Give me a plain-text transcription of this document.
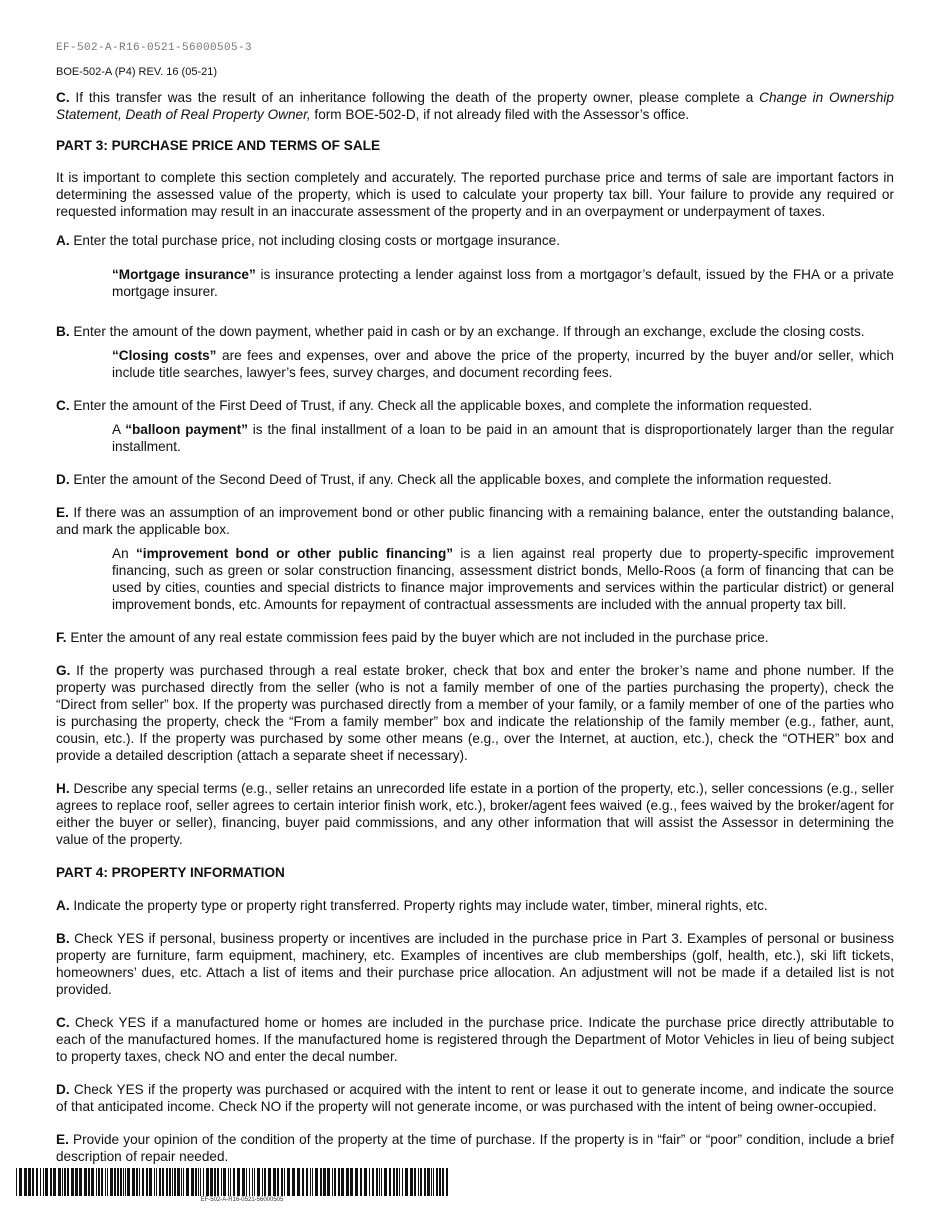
EF-502-A-R16-0521-56000505-3
BOE-502-A (P4) REV. 16 (05-21)

C. If this transfer was the result of an inheritance following the death of the property owner, please complete a Change in Ownership Statement, Death of Real Property Owner, form BOE-502-D, if not already filed with the Assessor’s office.

PART 3: PURCHASE PRICE AND TERMS OF SALE

It is important to complete this section completely and accurately. The reported purchase price and terms of sale are important factors in determining the assessed value of the property, which is used to calculate your property tax bill. Your failure to provide any required or requested information may result in an inaccurate assessment of the property and in an overpayment or underpayment of taxes.

A. Enter the total purchase price, not including closing costs or mortgage insurance.

“Mortgage insurance” is insurance protecting a lender against loss from a mortgagor’s default, issued by the FHA or a private mortgage insurer.

B. Enter the amount of the down payment, whether paid in cash or by an exchange. If through an exchange, exclude the closing costs.

“Closing costs” are fees and expenses, over and above the price of the property, incurred by the buyer and/or seller, which include title searches, lawyer’s fees, survey charges, and document recording fees.

C. Enter the amount of the First Deed of Trust, if any. Check all the applicable boxes, and complete the information requested.

A “balloon payment” is the final installment of a loan to be paid in an amount that is disproportionately larger than the regular installment.

D. Enter the amount of the Second Deed of Trust, if any. Check all the applicable boxes, and complete the information requested.

E. If there was an assumption of an improvement bond or other public financing with a remaining balance, enter the outstanding balance, and mark the applicable box.

An “improvement bond or other public financing” is a lien against real property due to property-specific improvement financing, such as green or solar construction financing, assessment district bonds, Mello-Roos (a form of financing that can be used by cities, counties and special districts to finance major improvements and services within the particular district) or general improvement bonds, etc. Amounts for repayment of contractual assessments are included with the annual property tax bill.

F. Enter the amount of any real estate commission fees paid by the buyer which are not included in the purchase price.

G. If the property was purchased through a real estate broker, check that box and enter the broker’s name and phone number. If the property was purchased directly from the seller (who is not a family member of one of the parties purchasing the property), check the “Direct from seller” box. If the property was purchased directly from a member of your family, or a family member of one of the parties who is purchasing the property, check the “From a family member” box and indicate the relationship of the family member (e.g., father, aunt, cousin, etc.). If the property was purchased by some other means (e.g., over the Internet, at auction, etc.), check the “OTHER” box and provide a detailed description (attach a separate sheet if necessary).

H. Describe any special terms (e.g., seller retains an unrecorded life estate in a portion of the property, etc.), seller concessions (e.g., seller agrees to replace roof, seller agrees to certain interior finish work, etc.), broker/agent fees waived (e.g., fees waived by the broker/agent for either the buyer or seller), financing, buyer paid commissions, and any other information that will assist the Assessor in determining the value of the property.

PART 4: PROPERTY INFORMATION

A. Indicate the property type or property right transferred. Property rights may include water, timber, mineral rights, etc.

B. Check YES if personal, business property or incentives are included in the purchase price in Part 3. Examples of personal or business property are furniture, farm equipment, machinery, etc. Examples of incentives are club memberships (golf, health, etc.), ski lift tickets, homeowners’ dues, etc. Attach a list of items and their purchase price allocation. An adjustment will not be made if a detailed list is not provided.

C. Check YES if a manufactured home or homes are included in the purchase price. Indicate the purchase price directly attributable to each of the manufactured homes. If the manufactured home is registered through the Department of Motor Vehicles in lieu of being subject to property taxes, check NO and enter the decal number.

D. Check YES if the property was purchased or acquired with the intent to rent or lease it out to generate income, and indicate the source of that anticipated income. Check NO if the property will not generate income, or was purchased with the intent of being owner-occupied.

E. Provide your opinion of the condition of the property at the time of purchase. If the property is in “fair” or “poor” condition, include a brief description of repair needed.

EF-502-A-R16-0521-56000505
